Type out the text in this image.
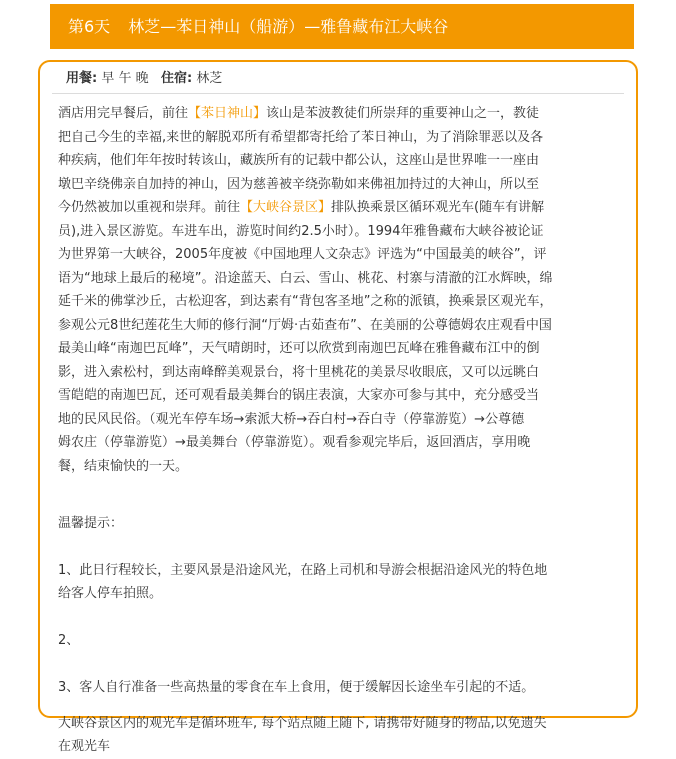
第6天 林芝—苯日神山（船游）—雅鲁藏布江大峡谷
用餐: 早 午 晚 住宿: 林芝
酒店用完早餐后，前往【苯日神山】该山是苯波教徒们所崇拜的重要神山之一，教徒
把自己今生的幸福,来世的解脱邓所有希望都寄托给了苯日神山，为了消除罪恶以及各
种疾病，他们年年按时转该山，藏族所有的记载中都公认，这座山是世界唯一一座由
墩巴辛绕佛亲自加持的神山，因为慈善被辛绕弥勒如来佛祖加持过的大神山，所以至
今仍然被加以重视和崇拜。前往【大峡谷景区】排队换乘景区循环观光车(随车有讲解
员),进入景区游览。车进车出，游览时间约2.5小时）。1994年雅鲁藏布大峡谷被论证
为世界第一大峡谷，2005年度被《中国地理人文杂志》评选为“中国最美的峡谷”，评
语为“地球上最后的秘境”。沿途蓝天、白云、雪山、桃花、村寨与清澈的江水辉映，绵
延千米的佛掌沙丘，古松迎客，到达素有“背包客圣地”之称的派镇，换乘景区观光车，
参观公元8世纪莲花生大师的修行洞“厅姆·古茹查布”、在美丽的公尊德姆农庄观看中国
最美山峰“南迦巴瓦峰”，天气晴朗时，还可以欣赏到南迦巴瓦峰在雅鲁藏布江中的倒
影，进入索松村，到达南峰醉美观景台，将十里桃花的美景尽收眼底，又可以远眺白
雪皑皑的南迦巴瓦，还可观看最美舞台的锅庄表演，大家亦可参与其中，充分感受当
地的民风民俗。（观光车停车场→索派大桥→吞白村→吞白寺（停靠游览）→公尊德
姆农庄（停靠游览）→最美舞台（停靠游览）。观看参观完毕后，返回酒店，享用晚
餐，结束愉快的一天。
温馨提示：
1、此日行程较长，主要风景是沿途风光，在路上司机和导游会根据沿途风光的特色地
给客人停车拍照。
2、
3、客人自行准备一些高热量的零食在车上食用，便于缓解因长途坐车引起的不适。
大峡谷景区内的观光车是循环班车, 每个站点随上随下, 请携带好随身的物品,以免遗失
在观光车
